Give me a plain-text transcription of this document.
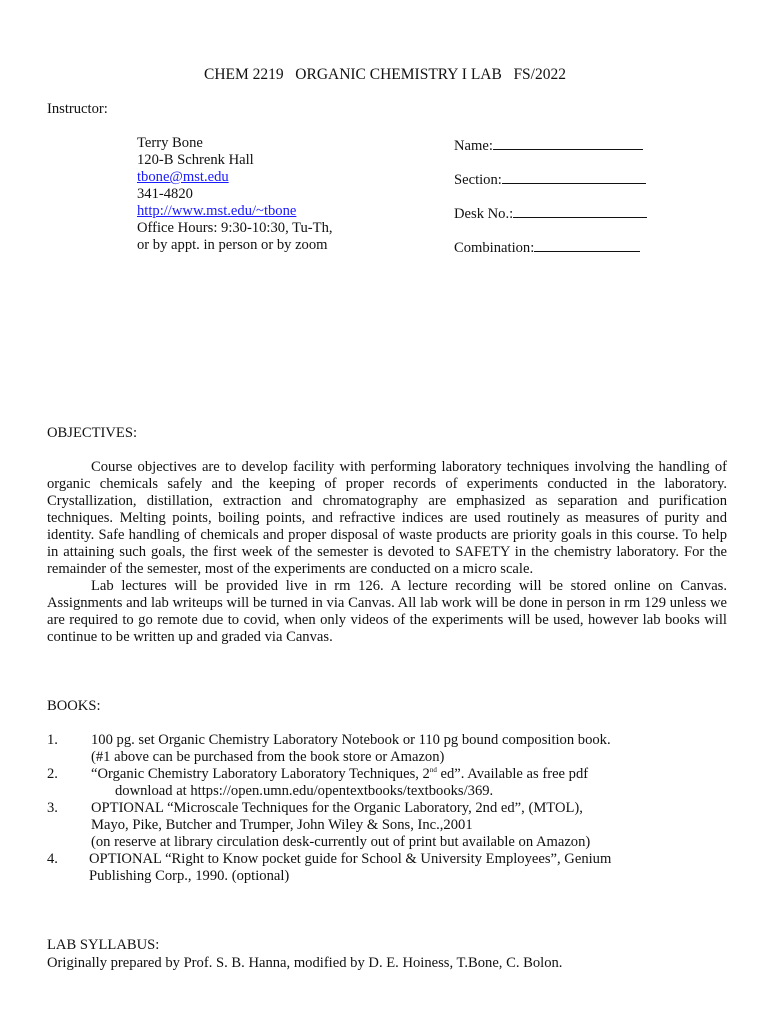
CHEM 2219   ORGANIC CHEMISTRY I LAB   FS/2022
Instructor:
Terry Bone
120-B Schrenk Hall
tbone@mst.edu
341-4820
http://www.mst.edu/~tbone
Office Hours: 9:30-10:30, Tu-Th,
or by appt. in person or by zoom
Name:
Section:
Desk No.:
Combination:
OBJECTIVES:

Course objectives are to develop facility with performing laboratory techniques involving the handling of organic chemicals safely and the keeping of proper records of experiments conducted in the laboratory. Crystallization, distillation, extraction and chromatography are emphasized as separation and purification techniques. Melting points, boiling points, and refractive indices are used routinely as measures of purity and identity. Safe handling of chemicals and proper disposal of waste products are priority goals in this course. To help in attaining such goals, the first week of the semester is devoted to SAFETY in the chemistry laboratory. For the remainder of the semester, most of the experiments are conducted on a micro scale.

Lab lectures will be provided live in rm 126. A lecture recording will be stored online on Canvas. Assignments and lab writeups will be turned in via Canvas. All lab work will be done in person in rm 129 unless we are required to go remote due to covid, when only videos of the experiments will be used, however lab books will continue to be written up and graded via Canvas.

BOOKS:
1. 100 pg. set Organic Chemistry Laboratory Notebook or 110 pg bound composition book.
(#1 above can be purchased from the book store or Amazon)
2. “Organic Chemistry Laboratory Laboratory Techniques, 2nd ed”. Available as free pdf
download at https://open.umn.edu/opentextbooks/textbooks/369.
3. OPTIONAL “Microscale Techniques for the Organic Laboratory, 2nd ed”, (MTOL),
Mayo, Pike, Butcher and Trumper, John Wiley & Sons, Inc.,2001
(on reserve at library circulation desk-currently out of print but available on Amazon)
4. OPTIONAL “Right to Know pocket guide for School & University Employees”, Genium
Publishing Corp., 1990. (optional)
LAB SYLLABUS:
Originally prepared by Prof. S. B. Hanna, modified by D. E. Hoiness, T.Bone, C. Bolon.
